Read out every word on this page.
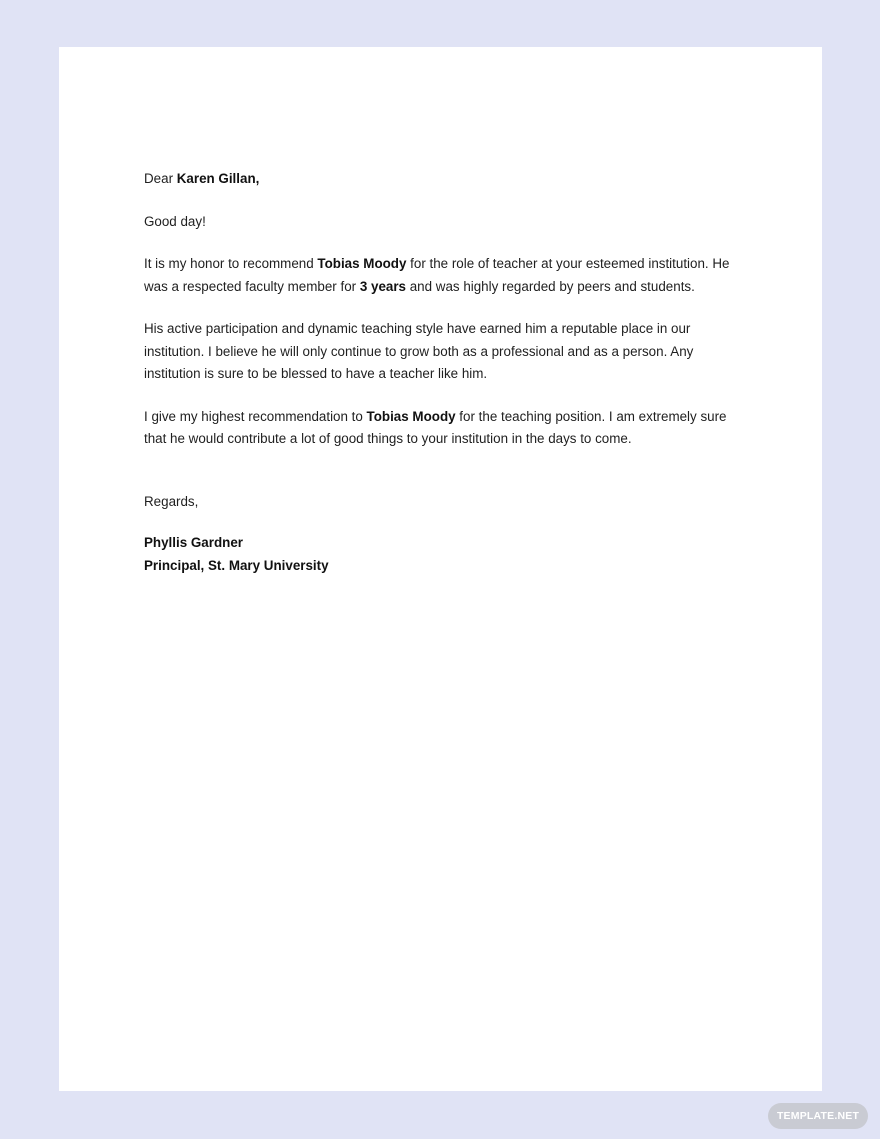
Dear Karen Gillan,

Good day!

It is my honor to recommend Tobias Moody for the role of teacher at your esteemed institution. He was a respected faculty member for 3 years and was highly regarded by peers and students.

His active participation and dynamic teaching style have earned him a reputable place in our institution. I believe he will only continue to grow both as a professional and as a person. Any institution is sure to be blessed to have a teacher like him.

I give my highest recommendation to Tobias Moody for the teaching position. I am extremely sure that he would contribute a lot of good things to your institution in the days to come.

Regards,

Phyllis Gardner

Principal, St. Mary University

TEMPLATE.NET
